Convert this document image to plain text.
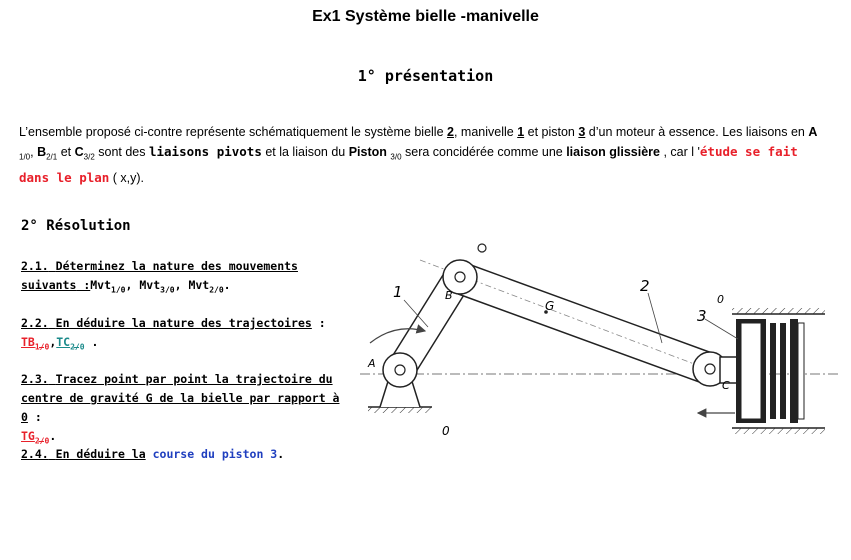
Ex1 Système bielle -manivelle
1° présentation
L’ensemble proposé ci-contre représente schématiquement le système bielle 2, manivelle 1 et piston 3 d’un moteur à essence. Les liaisons en A $_{1/0}$, $B_{2/1}$ et $C_{3/2}$ sont des liaisons pivots et la liaison du Piston $_{3/0}$ sera concidérée comme une liaison glissière , car l 'étude se fait dans le plan ( x,y).
2° Résolution
2.1. Déterminez la nature des mouvements suivants :Mvt$_{1/0}$, Mvt$_{3/0}$, Mvt$_{2/0}$.
2.2. En déduire la nature des trajectoires :
$TB_{1/0},TC_{2/0}$ .
2.3. Tracez point par point la trajectoire du centre de gravité G de la bielle par rapport à 0 :
$TG_{2/0}$.
2.4. En déduire la course du piston 3.
A
B
C
G
1	2
3
0
0
